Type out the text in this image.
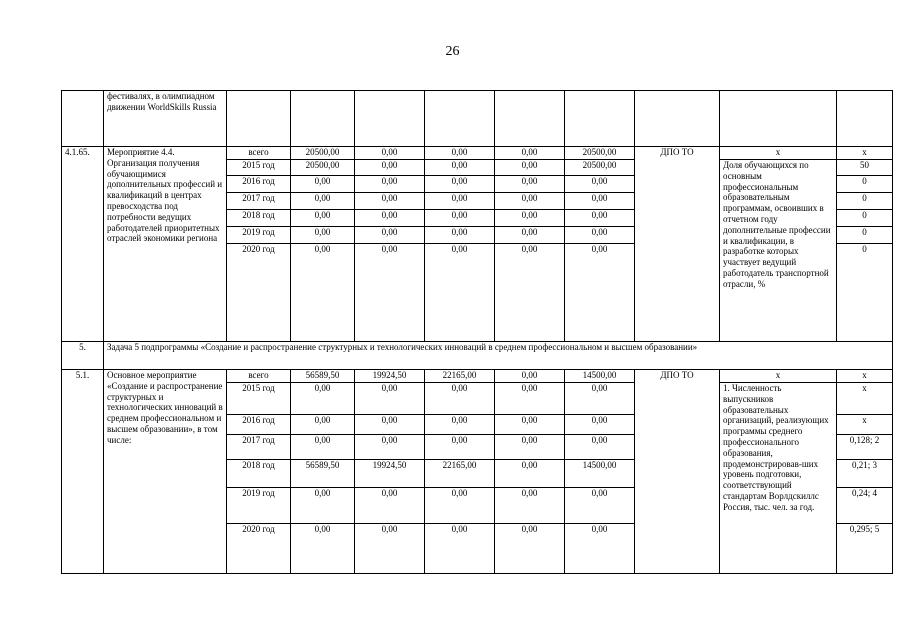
26
	фестивалях, в олимпиадном движении WorldSkills Russia									
4.1.65.	Мероприятие 4.4. Организация получения обучающимися дополнительных профессий и квалификаций в центрах превосходства под потребности ведущих работодателей приоритетных отраслей экономики региона	всего	20500,00	0,00	0,00	0,00	20500,00	ДПО ТО	x	x
		2015 год	20500,00	0,00	0,00	0,00	20500,00		Доля обучающихся по основным профессиональным образовательным программам, освоивших в отчетном году дополнительные профессии и квалификации, в разработке которых участвует ведущий работодатель транспортной отрасли, %	50
		2016 год	0,00	0,00	0,00	0,00	0,00			0
		2017 год	0,00	0,00	0,00	0,00	0,00			0
		2018 год	0,00	0,00	0,00	0,00	0,00			0
		2019 год	0,00	0,00	0,00	0,00	0,00			0
		2020 год	0,00	0,00	0,00	0,00	0,00			0
5.	Задача 5 подпрограммы «Создание и распространение структурных и технологических инноваций в среднем профессиональном и высшем образовании»									
5.1.	Основное мероприятие «Создание и распространение структурных и технологических инноваций в среднем профессиональном и высшем образовании», в том числе:	всего	56589,50	19924,50	22165,00	0,00	14500,00	ДПО ТО	x	x
		2015 год	0,00	0,00	0,00	0,00	0,00		1. Численность выпускников образовательных организаций, реализующих программы среднего профессионального образования, продемонстрировав-ших уровень подготовки, соответствующий стандартам Ворлдскиллс Россия, тыс. чел. за год.	x
		2016 год	0,00	0,00	0,00	0,00	0,00			x
		2017 год	0,00	0,00	0,00	0,00	0,00			0,128; 2
		2018 год	56589,50	19924,50	22165,00	0,00	14500,00			0,21; 3
		2019 год	0,00	0,00	0,00	0,00	0,00			0,24; 4
		2020 год	0,00	0,00	0,00	0,00	0,00			0,295; 5
